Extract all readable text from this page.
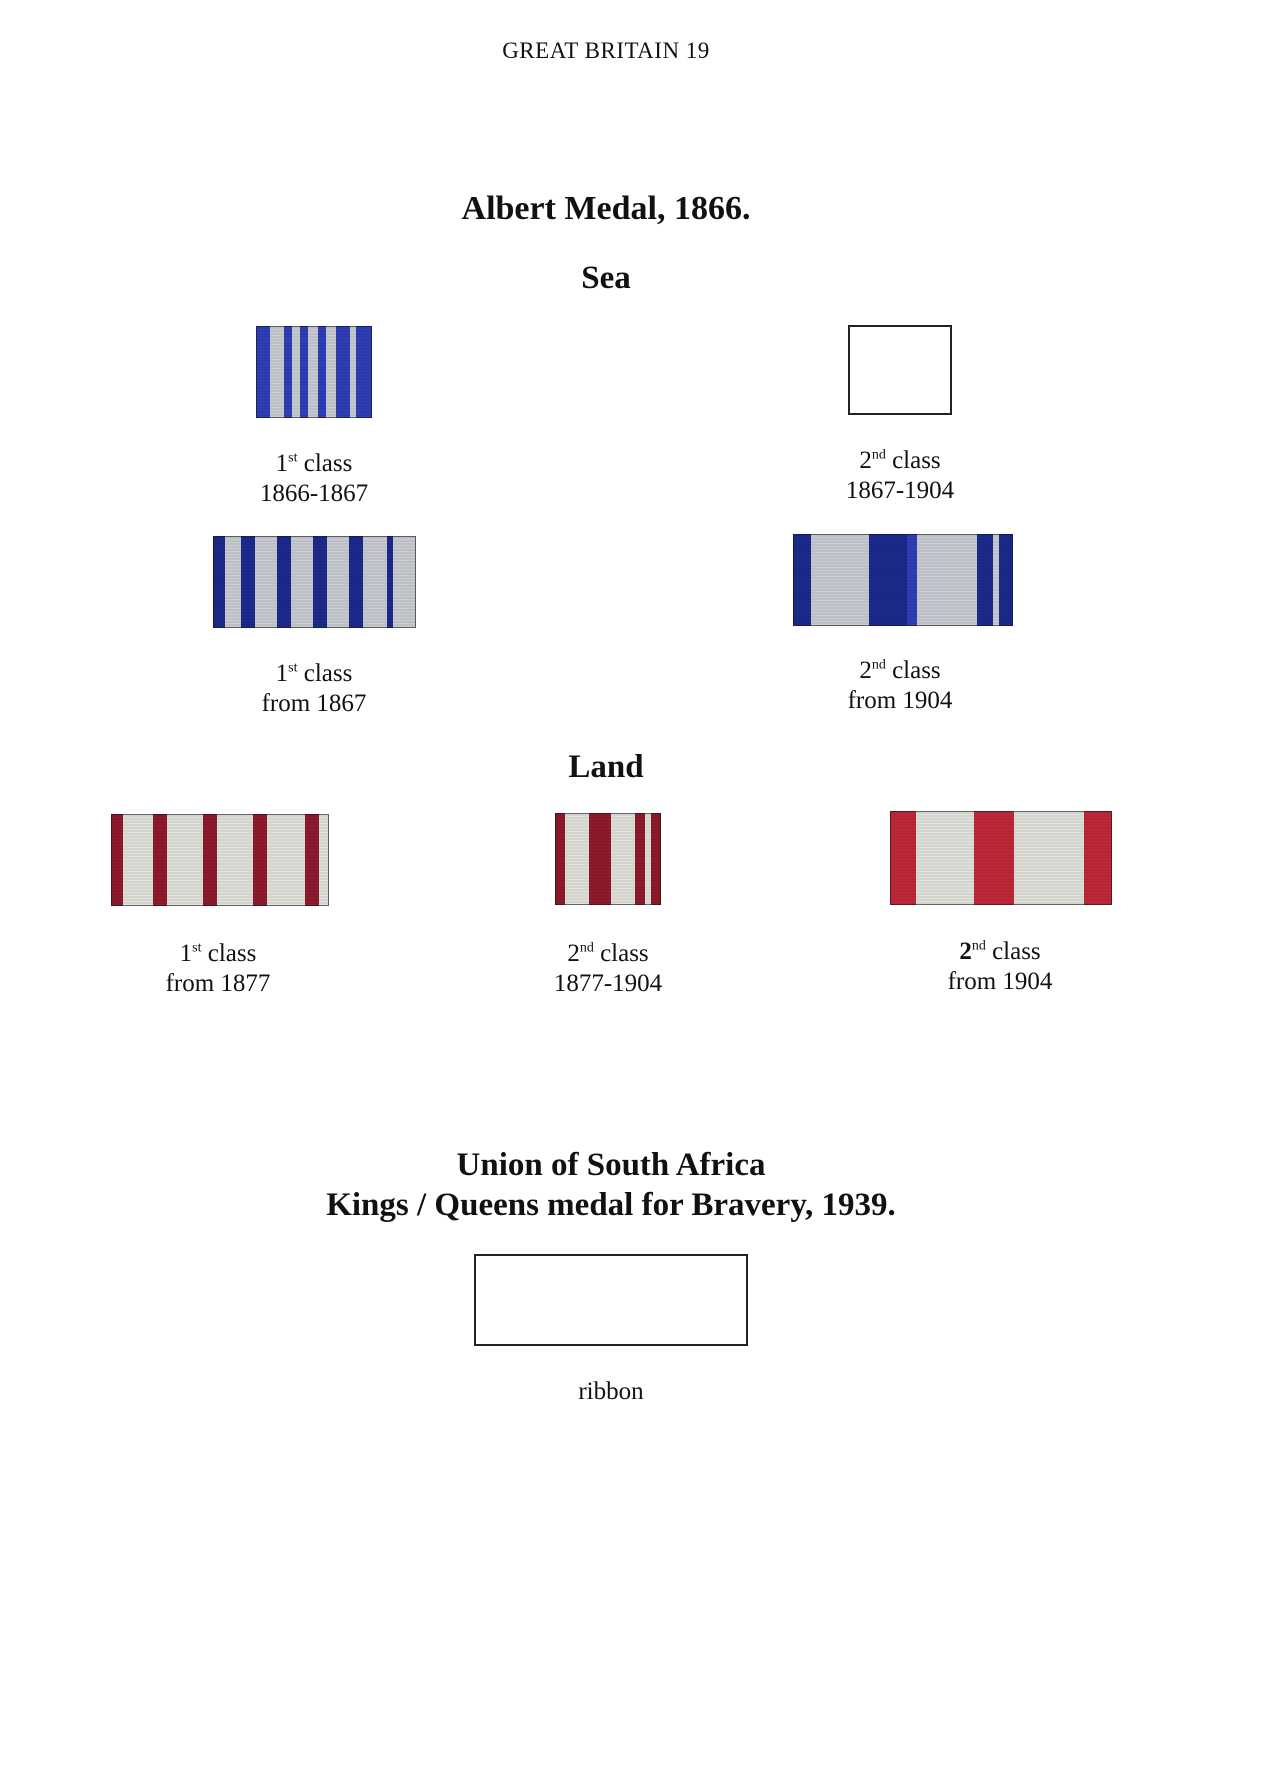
GREAT BRITAIN 19
Albert Medal, 1866.
Sea
1st class
1866-1867
2nd class
1867-1904
1st class
from 1867
2nd class
from 1904
Land
1st class
from 1877
2nd class
1877-1904
2nd class
from 1904
Union of South Africa
Kings / Queens medal for Bravery, 1939.
ribbon
